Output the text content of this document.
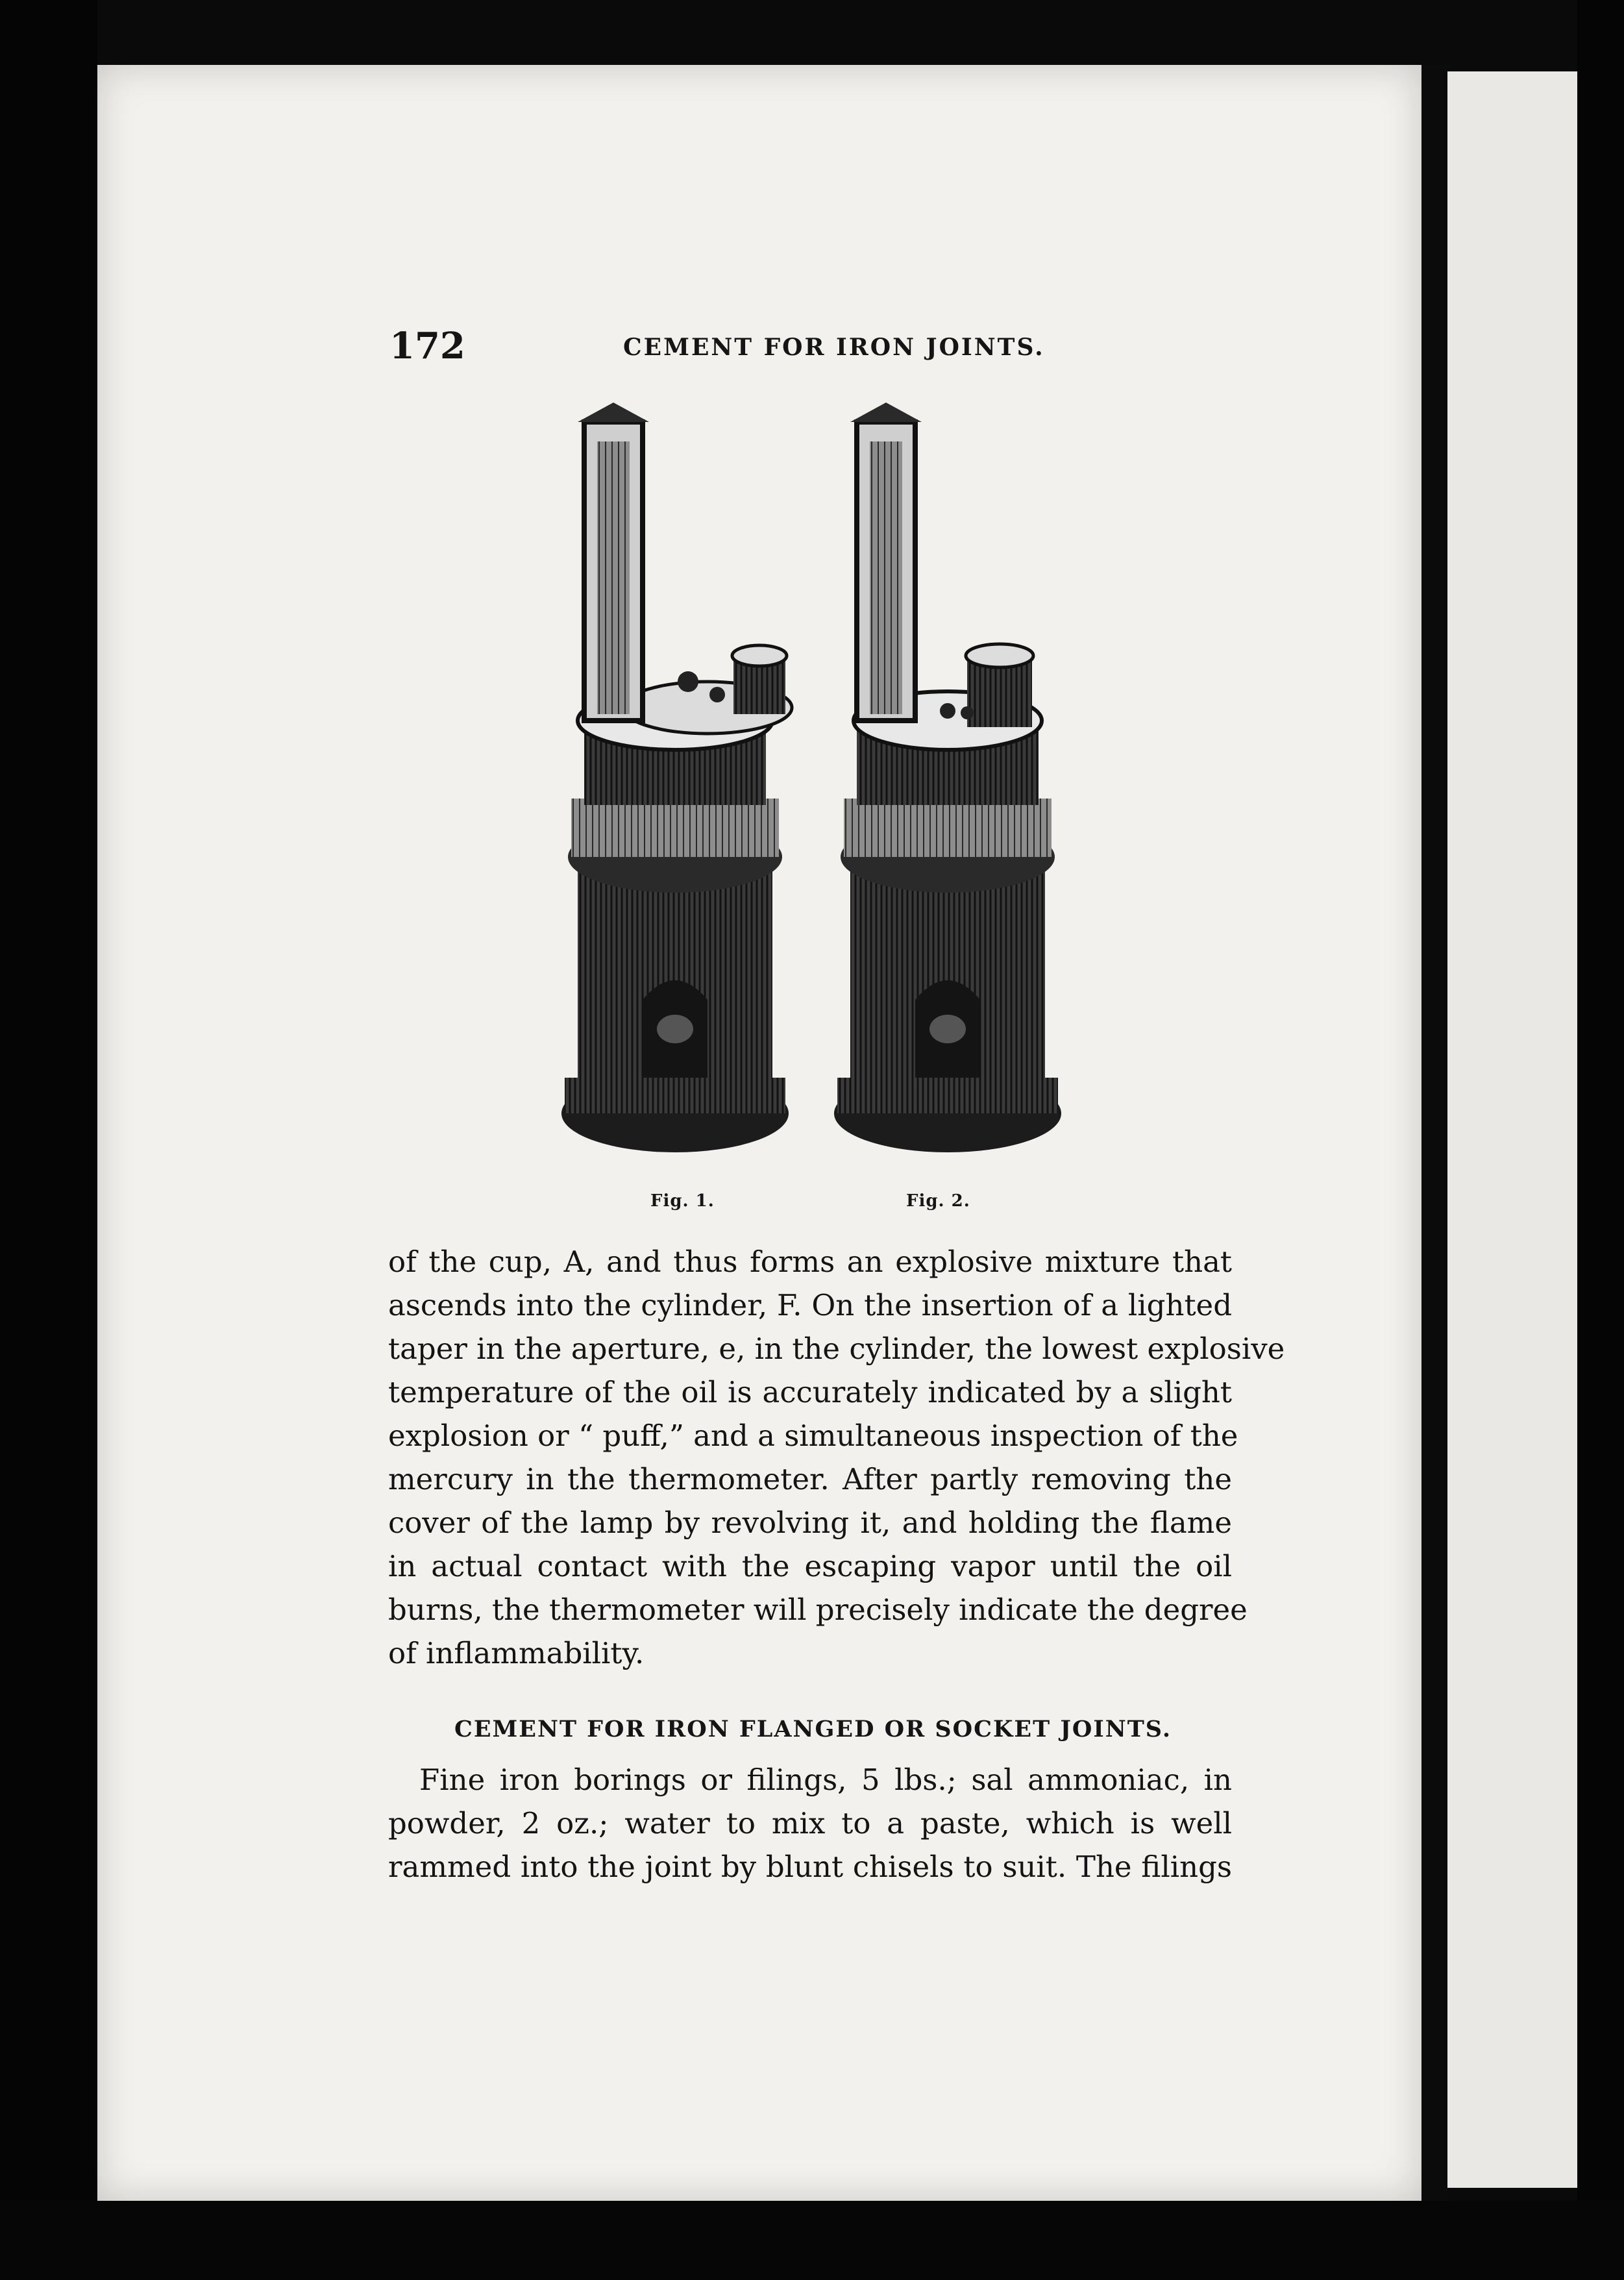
172	CEMENT FOR IRON JOINTS.
Fig. 1.	Fig. 2.
of the cup, A, and thus forms an explosive mixture that
ascends into the cylinder, F. On the insertion of a lighted
taper in the aperture, e, in the cylinder, the lowest explosive
temperature of the oil is accurately indicated by a slight
explosion or “ puff,” and a simultaneous inspection of the
mercury in the thermometer. After partly removing the
cover of the lamp by revolving it, and holding the flame
in actual contact with the escaping vapor until the oil
burns, the thermometer will precisely indicate the degree
of inflammability.
CEMENT FOR IRON FLANGED OR SOCKET JOINTS.
Fine iron borings or filings, 5 lbs.; sal ammoniac, in
powder, 2 oz.; water to mix to a paste, which is well
rammed into the joint by blunt chisels to suit. The filings
